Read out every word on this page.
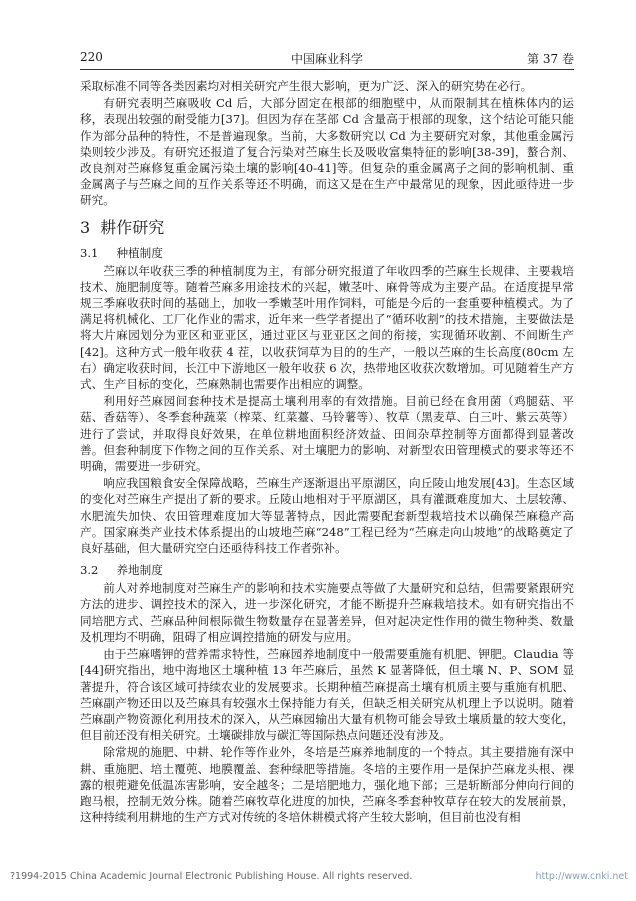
220	中国麻业科学	第 37 卷

采取标准不同等各类因素均对相关研究产生很大影响，更为广泛、深入的研究势在必行。

有研究表明苎麻吸收 Cd 后，大部分固定在根部的细胞壁中，从而限制其在植株体内的运移，表现出较强的耐受能力[37]。但因为存在茎部 Cd 含量高于根部的现象，这个结论可能只能作为部分品种的特性，不是普遍现象。当前，大多数研究以 Cd 为主要研究对象，其他重金属污染则较少涉及。有研究还报道了复合污染对苎麻生长及吸收富集特征的影响[38-39]，螯合剂、改良剂对苎麻修复重金属污染土壤的影响[40-41]等。但复杂的重金属离子之间的影响机制、重金属离子与苎麻之间的互作关系等还不明确，而这又是在生产中最常见的现象，因此亟待进一步研究。

3 耕作研究
3.1 种植制度

苎麻以年收获三季的种植制度为主，有部分研究报道了年收四季的苎麻生长规律、主要栽培技术、施肥制度等。随着苎麻多用途技术的兴起，嫩茎叶、麻骨等成为主要产品。在适度提早常规三季麻收获时间的基础上，加收一季嫩茎叶用作饲料，可能是今后的一套重要种植模式。为了满足将机械化、工厂化作业的需求，近年来一些学者提出了“循环收割”的技术措施，主要做法是将大片麻园划分为亚区和亚亚区，通过亚区与亚亚区之间的衔接，实现循环收割、不间断生产[42]。这种方式一般年收获 4 茬，以收获饲草为目的的生产，一般以苎麻的生长高度(80cm 左右）确定收获时间，长江中下游地区一般年收获 6 次，热带地区收获次数增加。可见随着生产方式、生产目标的变化，苎麻熟制也需要作出相应的调整。

利用好苎麻园间套种技术是提高土壤利用率的有效措施。目前已经在食用菌（鸡腿菇、平菇、香菇等）、冬季套种蔬菜（榨菜、红菜薹、马铃薯等）、牧草（黑麦草、白三叶、紫云英等）进行了尝试，并取得良好效果，在单位耕地面积经济效益、田间杂草控制等方面都得到显著改善。但套种制度下作物之间的互作关系、对土壤肥力的影响、对新型农田管理模式的要求等还不明确，需要进一步研究。

响应我国粮食安全保障战略，苎麻生产逐渐退出平原湖区，向丘陵山地发展[43]。生态区域的变化对苎麻生产提出了新的要求。丘陵山地相对于平原湖区，具有灌溉难度加大、土层较薄、水肥流失加快、农田管理难度加大等显著特点，因此需要配套新型栽培技术以确保苎麻稳产高产。国家麻类产业技术体系提出的山坡地苎麻“248”工程已经为“苎麻走向山坡地”的战略奠定了良好基础，但大量研究空白还亟待科技工作者弥补。

3.2 养地制度

前人对养地制度对苎麻生产的影响和技术实施要点等做了大量研究和总结，但需要紧跟研究方法的进步、调控技术的深入，进一步深化研究，才能不断提升苎麻栽培技术。如有研究指出不同培肥方式、苎麻品种间根际微生物数量存在显著差异，但对起决定性作用的微生物种类、数量及机理均不明确，阻碍了相应调控措施的研发与应用。

由于苎麻嗜钾的营养需求特性，苎麻园养地制度中一般需要重施有机肥、钾肥。Claudia 等[44]研究指出，地中海地区土壤种植 13 年苎麻后，虽然 K 显著降低，但土壤 N、P、SOM 显著提升，符合该区域可持续农业的发展要求。长期种植苎麻提高土壤有机质主要与重施有机肥、苎麻副产物还田以及苎麻具有较强水土保持能力有关，但缺乏相关研究从机理上予以说明。随着苎麻副产物资源化利用技术的深入，从苎麻园输出大量有机物可能会导致土壤质量的较大变化，但目前还没有相关研究。土壤碳排放与碳汇等国际热点问题还没有涉及。

除常规的施肥、中耕、轮作等作业外，冬培是苎麻养地制度的一个特点。其主要措施有深中耕、重施肥、培土覆蔸、地膜覆盖、套种绿肥等措施。冬培的主要作用一是保护苎麻龙头根、裸露的根蔸避免低温冻害影响，安全越冬；二是培肥地力，强化地下部；三是斩断部分伸向行间的跑马根，控制无效分株。随着苎麻牧草化进度的加快，苎麻冬季套种牧草存在较大的发展前景，这种持续利用耕地的生产方式对传统的冬培休耕模式将产生较大影响，但目前也没有相

?1994-2015 China Academic Journal Electronic Publishing House. All rights reserved.	http://www.cnki.net
